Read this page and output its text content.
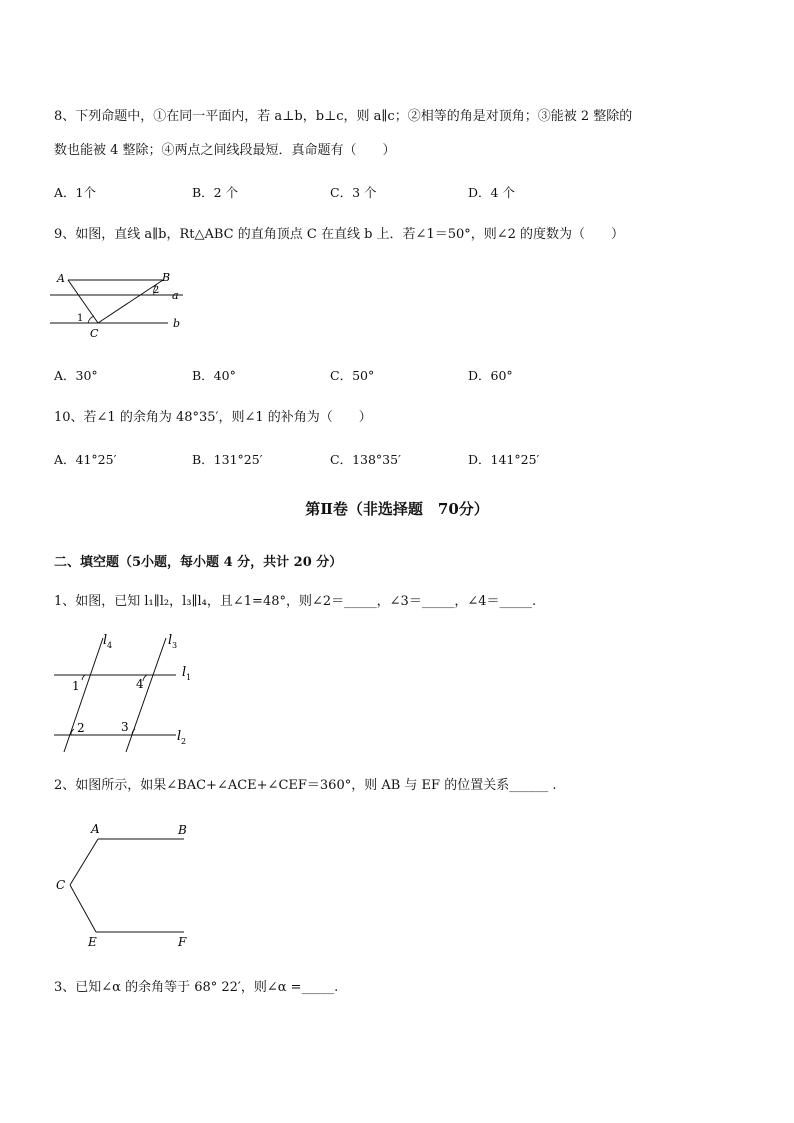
8、下列命题中，①在同一平面内，若 a⊥b，b⊥c，则 a∥c；②相等的角是对顶角；③能被 2 整除的
数也能被 4 整除；④两点之间线段最短．真命题有（　　）
A．1个	B．2 个	C．3 个	D．4 个
9、如图，直线 a∥b，Rt△ABC 的直角顶点 C 在直线 b 上．若∠1＝50°，则∠2 的度数为（　　）
A	B
C
a
b
1
2
A．30°	B．40°	C．50°	D．60°
10、若∠1 的余角为 48°35′，则∠1 的补角为（　　）
A．41°25′	B．131°25′	C．138°35′	D．141°25′
第Ⅱ卷（非选择题　70分）
二、填空题（5小题，每小题 4 分，共计 20 分）
1、如图，已知 l₁∥l₂，l₃∥l₄，且∠1=48°，则∠2＝_____，∠3＝_____，∠4＝_____.
l 4	l 3
l 1
l 2
1	4
2	3
2、如图所示，如果∠BAC+∠ACE+∠CEF＝360°，则 AB 与 EF 的位置关系______ .
A	B
C
E	F
3、已知∠α 的余角等于 68° 22′，则∠α =_____.
